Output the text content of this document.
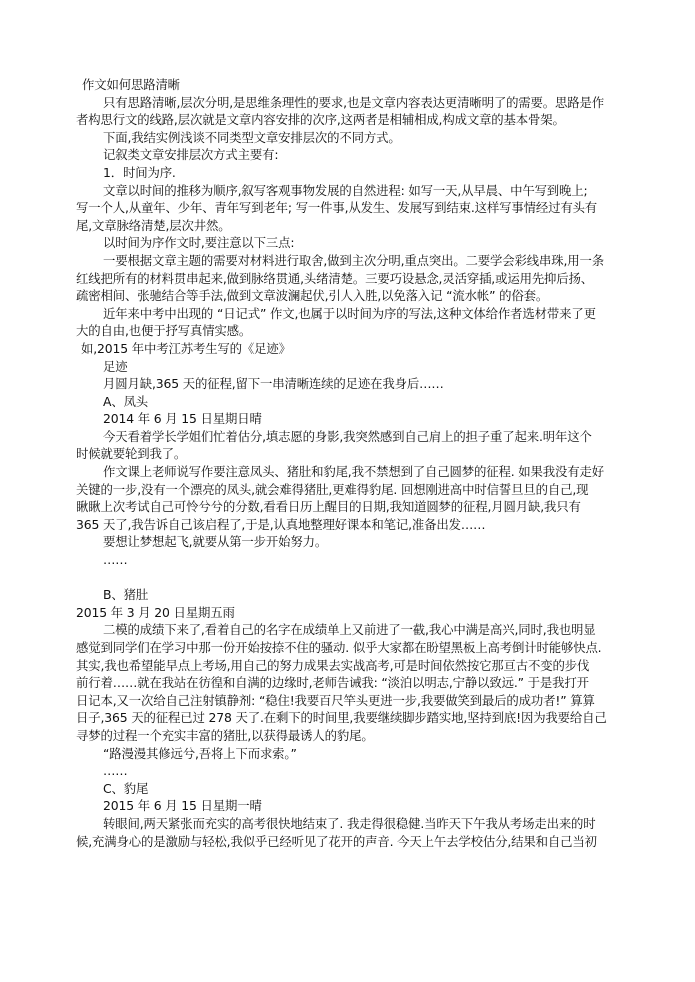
作文如何思路清晰
只有思路清晰,层次分明,是思维条理性的要求,也是文章内容表达更清晰明了的需要。思路是作
者构思行文的线路,层次就是文章内容安排的次序,这两者是相辅相成,构成文章的基本骨架。
下面,我结实例浅谈不同类型文章安排层次的不同方式。
记叙类文章安排层次方式主要有:
1．时间为序.
文章以时间的推移为顺序,叙写客观事物发展的自然进程: 如写一天,从早晨、中午写到晚上;
写一个人,从童年、少年、青年写到老年; 写一件事,从发生、发展写到结束.这样写事情经过有头有
尾,文章脉络清楚,层次井然。
以时间为序作文时,要注意以下三点:
一要根据文章主题的需要对材料进行取舍,做到主次分明,重点突出。二要学会彩线串珠,用一条
红线把所有的材料贯串起来,做到脉络贯通,头绪清楚。三要巧设悬念,灵活穿插,或运用先抑后扬、
疏密相间、张驰结合等手法,做到文章波澜起伏,引人入胜,以免落入记 “流水帐” 的俗套。
近年来中考中出现的 “日记式” 作文,也属于以时间为序的写法,这种文体给作者选材带来了更
大的自由,也便于抒写真情实感。
如,2015 年中考江苏考生写的《足迹》
足迹
月圆月缺,365 天的征程,留下一串清晰连续的足迹在我身后……
A、凤头
2014 年 6 月 15 日星期日晴
今天看着学长学姐们忙着估分,填志愿的身影,我突然感到自己肩上的担子重了起来.明年这个
时候就要轮到我了。
作文课上老师说写作要注意凤头、猪肚和豹尾,我不禁想到了自己圆梦的征程. 如果我没有走好
关键的一步,没有一个漂亮的凤头,就会难得猪肚,更难得豹尾. 回想刚进高中时信誓旦旦的自己,现
瞅瞅上次考试自己可怜兮兮的分数,看看日历上醒目的日期,我知道圆梦的征程,月圆月缺,我只有
365 天了,我告诉自己该启程了,于是,认真地整理好课本和笔记,准备出发……
要想让梦想起飞,就要从第一步开始努力。
……
B、猪肚
2015 年 3 月 20 日星期五雨
二模的成绩下来了,看着自己的名字在成绩单上又前进了一截,我心中满是高兴,同时,我也明显
感觉到同学们在学习中那一份开始按捺不住的骚动. 似乎大家都在盼望黑板上高考倒计时能够快点.
其实,我也希望能早点上考场,用自己的努力成果去实战高考,可是时间依然按它那亘古不变的步伐
前行着……就在我站在彷徨和自满的边缘时,老师告诫我: “淡泊以明志,宁静以致远.” 于是我打开
日记本,又一次给自己注射镇静剂: “稳住!我要百尺竿头更进一步,我要做笑到最后的成功者!” 算算
日子,365 天的征程已过 278 天了.在剩下的时间里,我要继续脚步踏实地,坚持到底!因为我要给自己
寻梦的过程一个充实丰富的猪肚,以获得最诱人的豹尾。
“路漫漫其修远兮,吾将上下而求索。”
……
C、豹尾
2015 年 6 月 15 日星期一晴
转眼间,两天紧张而充实的高考很快地结束了. 我走得很稳健.当昨天下午我从考场走出来的时
候,充满身心的是激励与轻松,我似乎已经听见了花开的声音. 今天上午去学校估分,结果和自己当初
